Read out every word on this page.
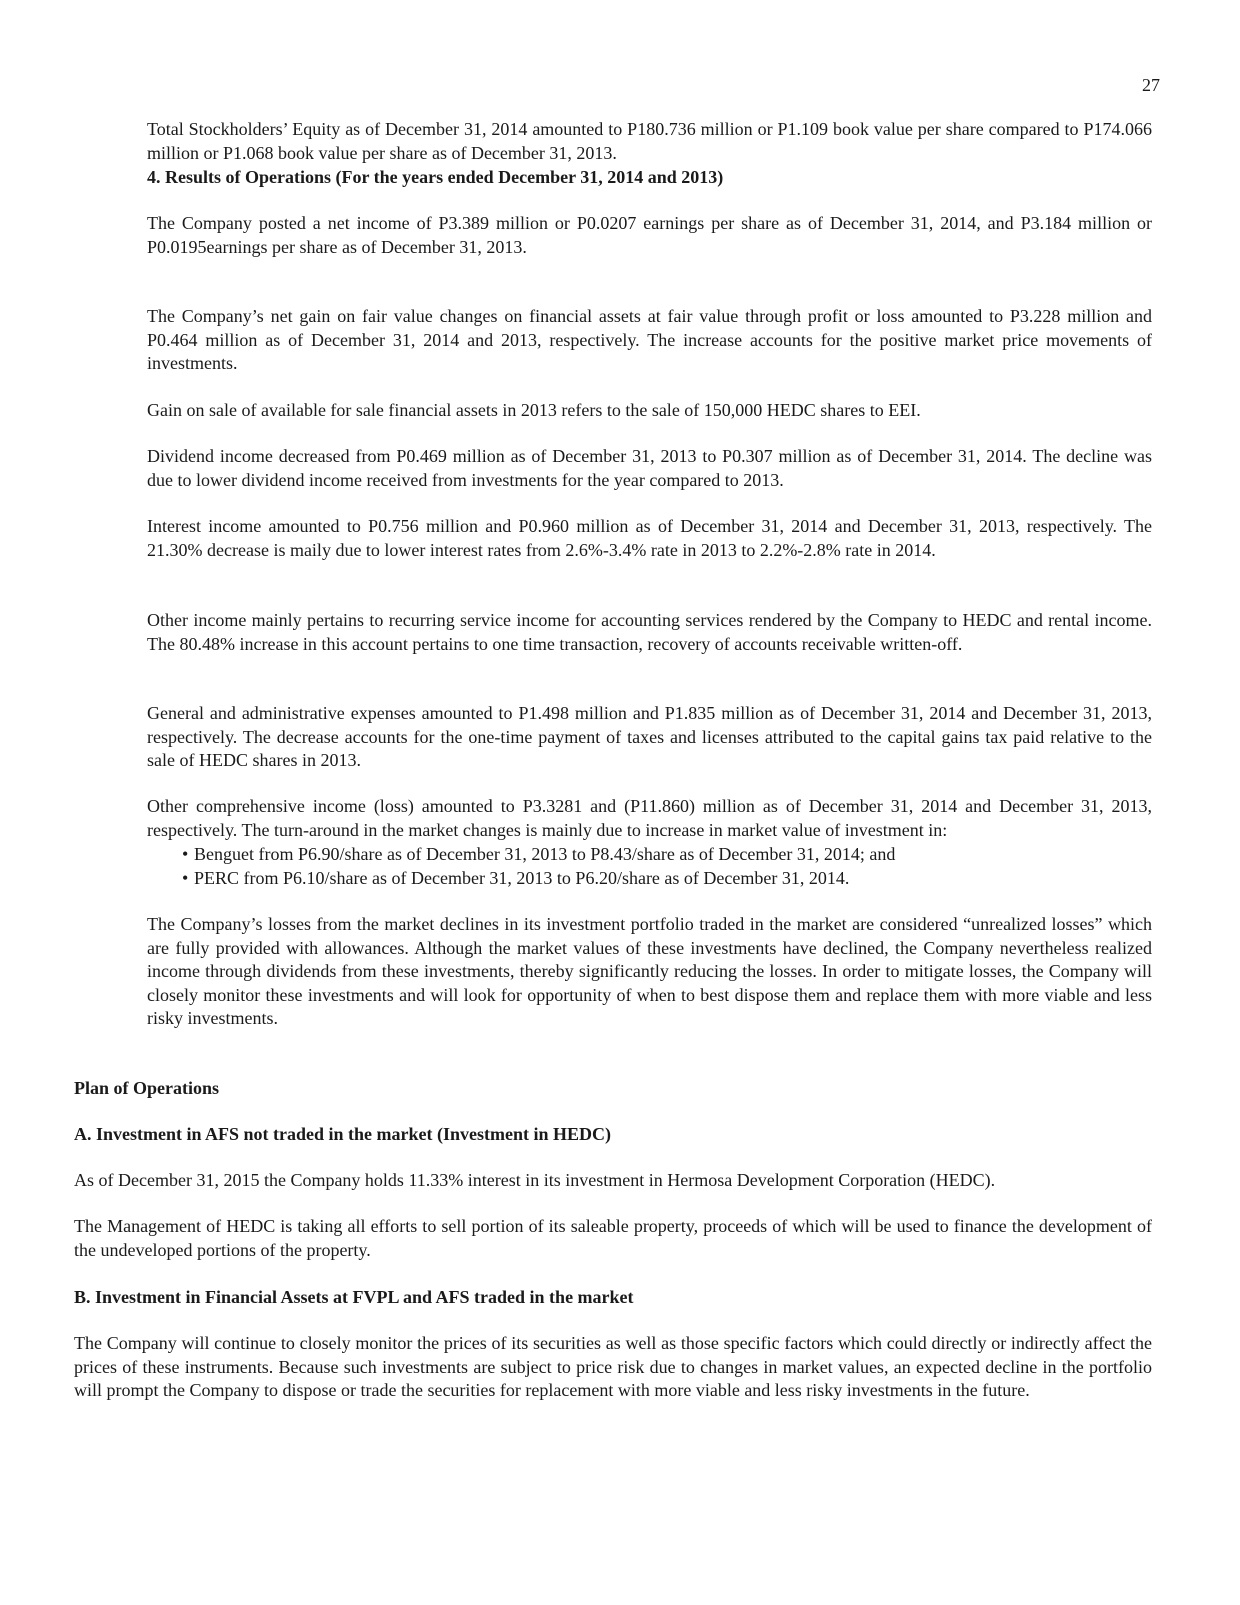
27

Total Stockholders’ Equity as of December 31, 2014 amounted to P180.736 million or P1.109 book value per share compared to P174.066 million or P1.068 book value per share as of December 31, 2013.

4. Results of Operations (For the years ended December 31, 2014 and 2013)

The Company posted a net income of P3.389 million or P0.0207 earnings per share as of December 31, 2014, and P3.184 million or P0.0195earnings per share as of December 31, 2013.

The Company’s net gain on fair value changes on financial assets at fair value through profit or loss amounted to P3.228 million and P0.464 million as of December 31, 2014 and 2013, respectively. The increase accounts for the positive market price movements of investments.

Gain on sale of available for sale financial assets in 2013 refers to the sale of 150,000 HEDC shares to EEI.

Dividend income decreased from P0.469 million as of December 31, 2013 to P0.307 million as of December 31, 2014. The decline was due to lower dividend income received from investments for the year compared to 2013.

Interest income amounted to P0.756 million and P0.960 million as of December 31, 2014 and December 31, 2013, respectively. The 21.30% decrease is maily due to lower interest rates from 2.6%-3.4% rate in 2013 to 2.2%-2.8% rate in 2014.

Other income mainly pertains to recurring service income for accounting services rendered by the Company to HEDC and rental income. The 80.48% increase in this account pertains to one time transaction, recovery of accounts receivable written-off.

General and administrative expenses amounted to P1.498 million and P1.835 million as of December 31, 2014 and December 31, 2013, respectively. The decrease accounts for the one-time payment of taxes and licenses attributed to the capital gains tax paid relative to the sale of HEDC shares in 2013.

Other comprehensive income (loss) amounted to P3.3281 and (P11.860) million as of December 31, 2014 and December 31, 2013, respectively. The turn-around in the market changes is mainly due to increase in market value of investment in:

• Benguet from P6.90/share as of December 31, 2013 to P8.43/share as of December 31, 2014; and
• PERC from P6.10/share as of December 31, 2013 to P6.20/share as of December 31, 2014.

The Company’s losses from the market declines in its investment portfolio traded in the market are considered “unrealized losses” which are fully provided with allowances. Although the market values of these investments have declined, the Company nevertheless realized income through dividends from these investments, thereby significantly reducing the losses. In order to mitigate losses, the Company will closely monitor these investments and will look for opportunity of when to best dispose them and replace them with more viable and less risky investments.

Plan of Operations

A. Investment in AFS not traded in the market (Investment in HEDC)

As of December 31, 2015 the Company holds 11.33% interest in its investment in Hermosa Development Corporation (HEDC).

The Management of HEDC is taking all efforts to sell portion of its saleable property, proceeds of which will be used to finance the development of the undeveloped portions of the property.

B. Investment in Financial Assets at FVPL and AFS traded in the market

The Company will continue to closely monitor the prices of its securities as well as those specific factors which could directly or indirectly affect the prices of these instruments. Because such investments are subject to price risk due to changes in market values, an expected decline in the portfolio will prompt the Company to dispose or trade the securities for replacement with more viable and less risky investments in the future.
